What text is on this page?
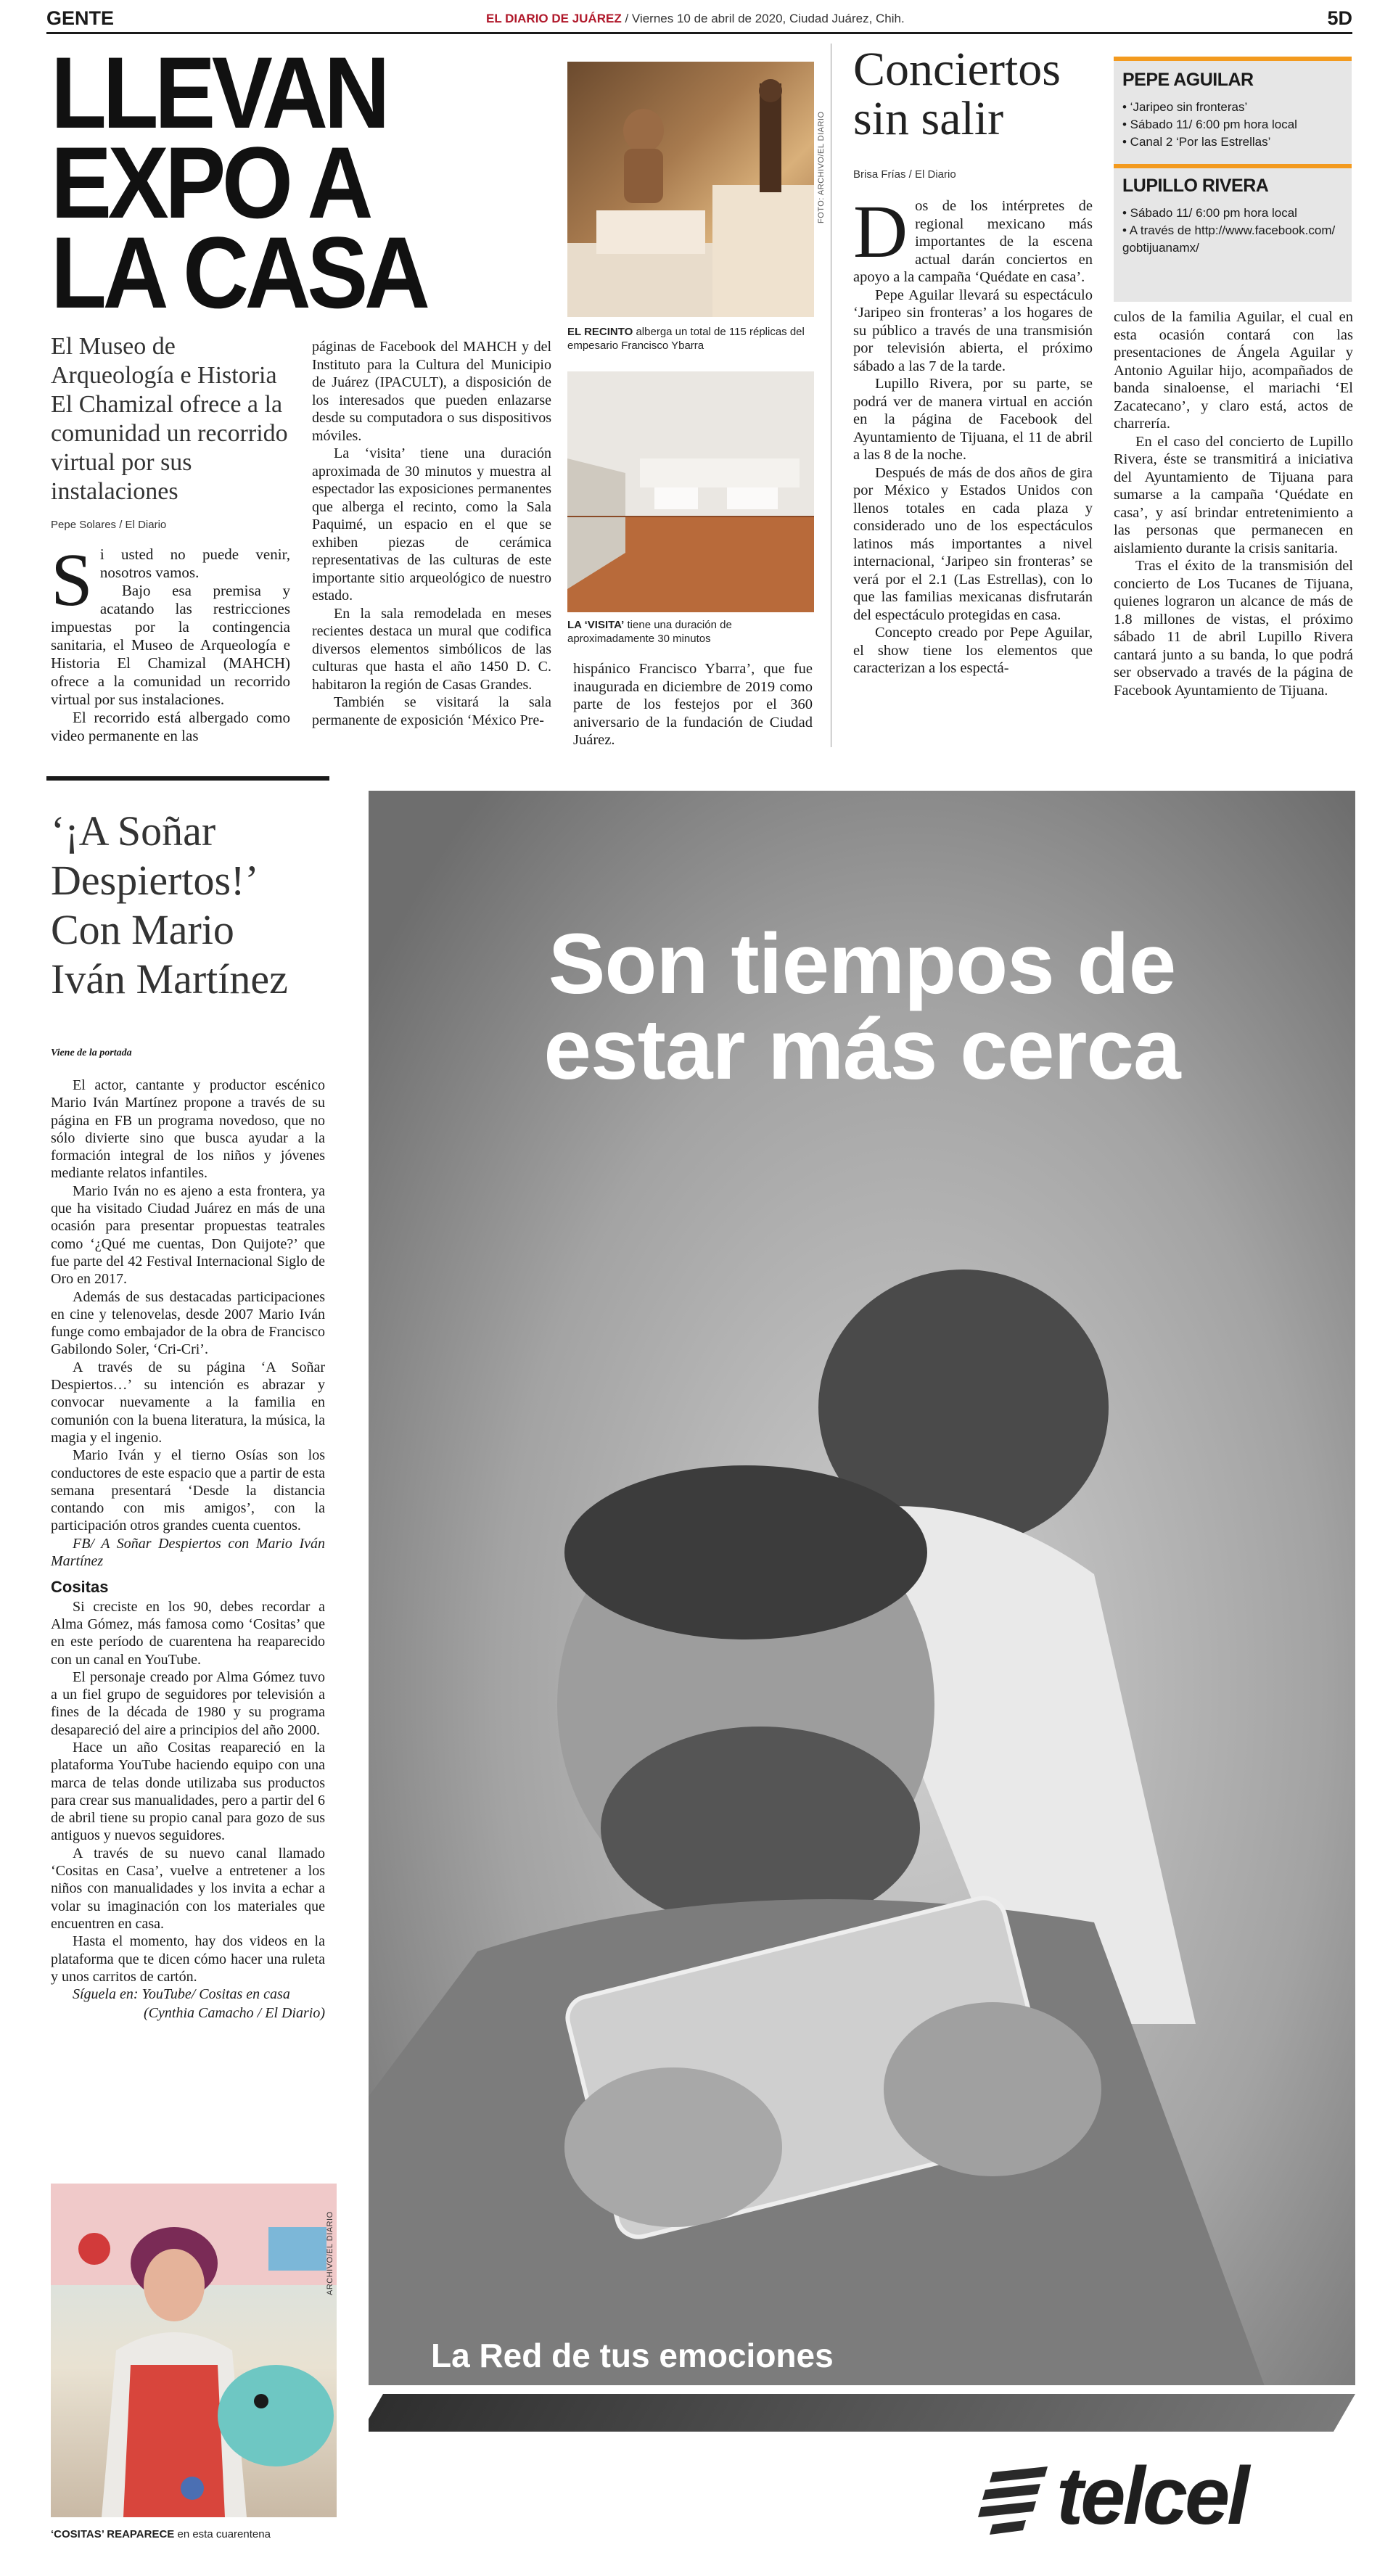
GENTE	EL DIARIO DE JUÁREZ / Viernes 10 de abril de 2020, Ciudad Juárez, Chih.	5D
LLEVAN
EXPO A
LA CASA
El Museo de Arqueología e Historia El Chamizal ofrece a la comunidad un recorrido virtual por sus instalaciones
Pepe Solares / El Diario
S i usted no puede venir, nosotros vamos.

Bajo esa premisa y acatando las restricciones impuestas por la contingencia sanitaria, el Museo de Arqueología e Historia El Chamizal (MAHCH) ofrece a la comunidad un recorrido virtual por sus instalaciones.

El recorrido está albergado como video permanente en las

páginas de Facebook del MAHCH y del Instituto para la Cultura del Municipio de Juárez (IPACULT), a disposición de los interesados que pueden enlazarse desde su computadora o sus dispositivos móviles.

La ‘visita’ tiene una duración aproximada de 30 minutos y muestra al espectador las exposiciones permanentes que alberga el recinto, como la Sala Paquimé, un espacio en el que se exhiben piezas de cerámica representativas de las culturas de este importante sitio arqueológico de nuestro estado.

En la sala remodelada en meses recientes destaca un mural que codifica diversos elementos simbólicos de las culturas que hasta el año 1450 D. C. habitaron la región de Casas Grandes.

También se visitará la sala permanente de exposición ‘México Pre-

FOTO: ARCHIVO/EL DIARIO
EL RECINTO alberga un total de 115 réplicas del empesario Francisco Ybarra
LA ‘VISITA’ tiene una duración de aproximadamente 30 minutos

hispánico Francisco Ybarra’, que fue inaugurada en diciembre de 2019 como parte de los festejos por el 360 aniversario de la fundación de Ciudad Juárez.

Conciertos
sin salir
Brisa Frías / El Diario
PEPE AGUILAR
• ‘Jaripeo sin fronteras’
• Sábado 11/ 6:00 pm hora local
• Canal 2 ‘Por las Estrellas’
LUPILLO RIVERA
• Sábado 11/ 6:00 pm hora local
• A través de http://www.facebook.com/ gobtijuanamx/
D os de los intérpretes de regional mexicano más importantes de la escena actual darán conciertos en apoyo a la campaña ‘Quédate en casa’.

Pepe Aguilar llevará su espectáculo ‘Jaripeo sin fronteras’ a los hogares de su público a través de una transmisión por televisión abierta, el próximo sábado a las 7 de la tarde.

Lupillo Rivera, por su parte, se podrá ver de manera virtual en acción en la página de Facebook del Ayuntamiento de Tijuana, el 11 de abril a las 8 de la noche.

Después de más de dos años de gira por México y Estados Unidos con llenos totales en cada plaza y considerado uno de los espectáculos latinos más importantes a nivel internacional, ‘Jaripeo sin fronteras’ se verá por el 2.1 (Las Estrellas), con lo que las familias mexicanas disfrutarán del espectáculo protegidas en casa.

Concepto creado por Pepe Aguilar, el show tiene los elementos que caracterizan a los espectá-

culos de la familia Aguilar, el cual en esta ocasión contará con las presentaciones de Ángela Aguilar y Antonio Aguilar hijo, acompañados de banda sinaloense, el mariachi ‘El Zacatecano’, y claro está, actos de charrería.

En el caso del concierto de Lupillo Rivera, éste se transmitirá a iniciativa del Ayuntamiento de Tijuana para sumarse a la campaña ‘Quédate en casa’, y así brindar entretenimiento a las personas que permanecen en aislamiento durante la crisis sanitaria.

Tras el éxito de la transmisión del concierto de Los Tucanes de Tijuana, quienes lograron un alcance de más de 1.8 millones de vistas, el próximo sábado 11 de abril Lupillo Rivera cantará junto a su banda, lo que podrá ser observado a través de la página de Facebook Ayuntamiento de Tijuana.

‘¡A Soñar
Despiertos!’
Con Mario
Iván Martínez
Viene de la portada

El actor, cantante y productor escénico Mario Iván Martínez propone a través de su página en FB un programa novedoso, que no sólo divierte sino que busca ayudar a la formación integral de los niños y jóvenes mediante relatos infantiles.

Mario Iván no es ajeno a esta frontera, ya que ha visitado Ciudad Juárez en más de una ocasión para presentar propuestas teatrales como ‘¿Qué me cuentas, Don Quijote?’ que fue parte del 42 Festival Internacional Siglo de Oro en 2017.

Además de sus destacadas participaciones en cine y telenovelas, desde 2007 Mario Iván funge como embajador de la obra de Francisco Gabilondo Soler, ‘Cri-Cri’.

A través de su página ‘A Soñar Despiertos…’ su intención es abrazar y convocar nuevamente a la familia en comunión con la buena literatura, la música, la magia y el ingenio.

Mario Iván y el tierno Osías son los conductores de este espacio que a partir de esta semana presentará ‘Desde la distancia contando con mis amigos’, con la participación otros grandes cuenta cuentos.

FB/ A Soñar Despiertos con Mario Iván Martínez

Cositas

Si creciste en los 90, debes recordar a Alma Gómez, más famosa como ‘Cositas’ que en este período de cuarentena ha reaparecido con un canal en YouTube.

El personaje creado por Alma Gómez tuvo a un fiel grupo de seguidores por televisión a fines de la década de 1980 y su programa desapareció del aire a principios del año 2000.

Hace un año Cositas reapareció en la plataforma YouTube haciendo equipo con una marca de telas donde utilizaba sus productos para crear sus manualidades, pero a partir del 6 de abril tiene su propio canal para gozo de sus antiguos y nuevos seguidores.

A través de su nuevo canal llamado ‘Cositas en Casa’, vuelve a entretener a los niños con manualidades y los invita a echar a volar su imaginación con los materiales que encuentren en casa.

Hasta el momento, hay dos videos en la plataforma que te dicen cómo hacer una ruleta y unos carritos de cartón.

Síguela en: YouTube/ Cositas en casa

(Cynthia Camacho / El Diario)
ARCHIVO/EL DIARIO
‘COSITAS’ REAPARECE en esta cuarentena
Son tiempos de
estar más cerca
La Red de tus emociones
telcel
